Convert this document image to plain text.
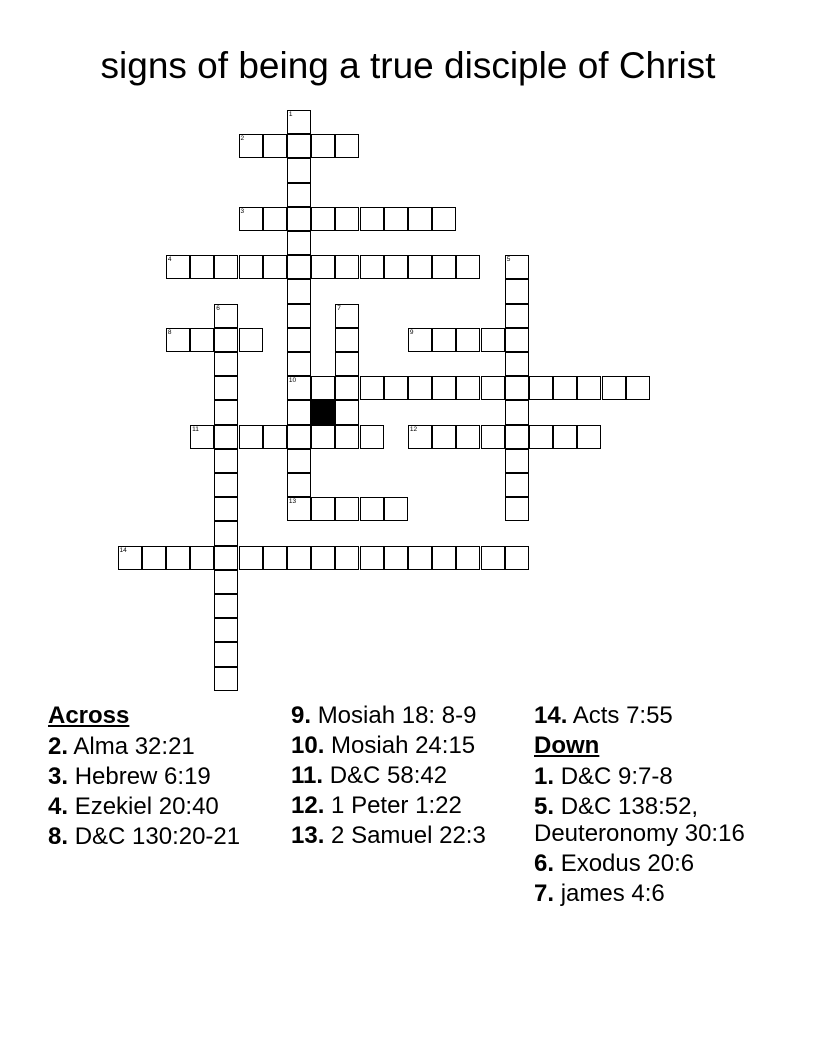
signs of being a true disciple of Christ
1
10
13
2
3
4	5
6	7
8	9
11	12
14
Across
2. Alma 32:21
3. Hebrew 6:19
4. Ezekiel 20:40
8. D&C 130:20-21
9. Mosiah 18: 8-9
10. Mosiah 24:15
11. D&C 58:42
12. 1 Peter 1:22
13. 2 Samuel 22:3
14. Acts 7:55
Down
1. D&C 9:7-8
5. D&C 138:52, Deuteronomy 30:16
6. Exodus 20:6
7. james 4:6
